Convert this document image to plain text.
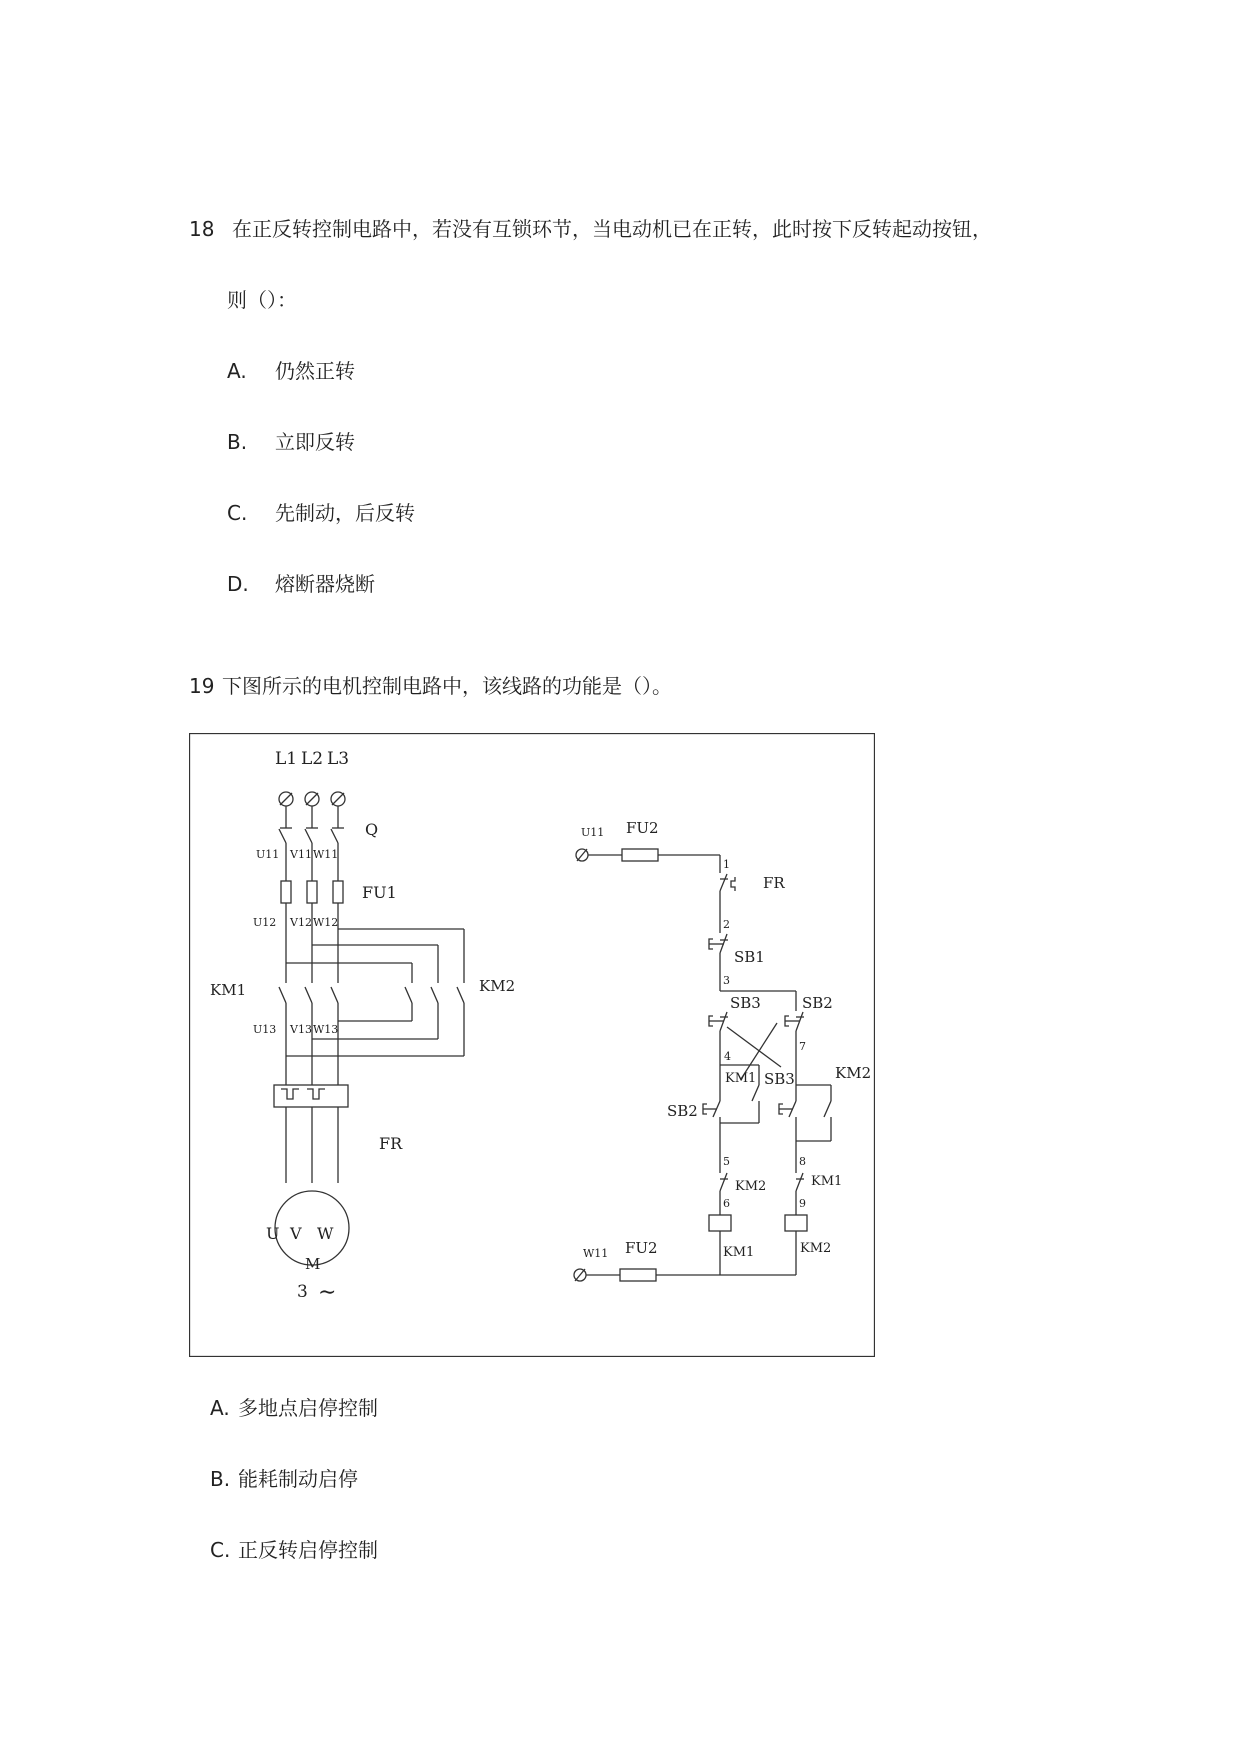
18 在正反转控制电路中，若没有互锁环节，当电动机已在正转，此时按下反转起动按钮，
则（）：
A. 仍然正转
B. 立即反转
C. 先制动，后反转
D. 熔断器烧断
19 下图所示的电机控制电路中，该线路的功能是（）。
L1 L2 L3
Q
U11 V11 W11
FU1
U12 V12 W12
KM1	KM2
U13 V13 W13
FR
U V W
M
3 ∼
FU2
U11
1
FR
2
SB1
3
SB3	SB2
4
7
KM1 SB3	KM2
SB2
5	8
KM2	KM1
6	9
KM1	KM2
FU2
W11
A. 多地点启停控制
B. 能耗制动启停
C. 正反转启停控制
